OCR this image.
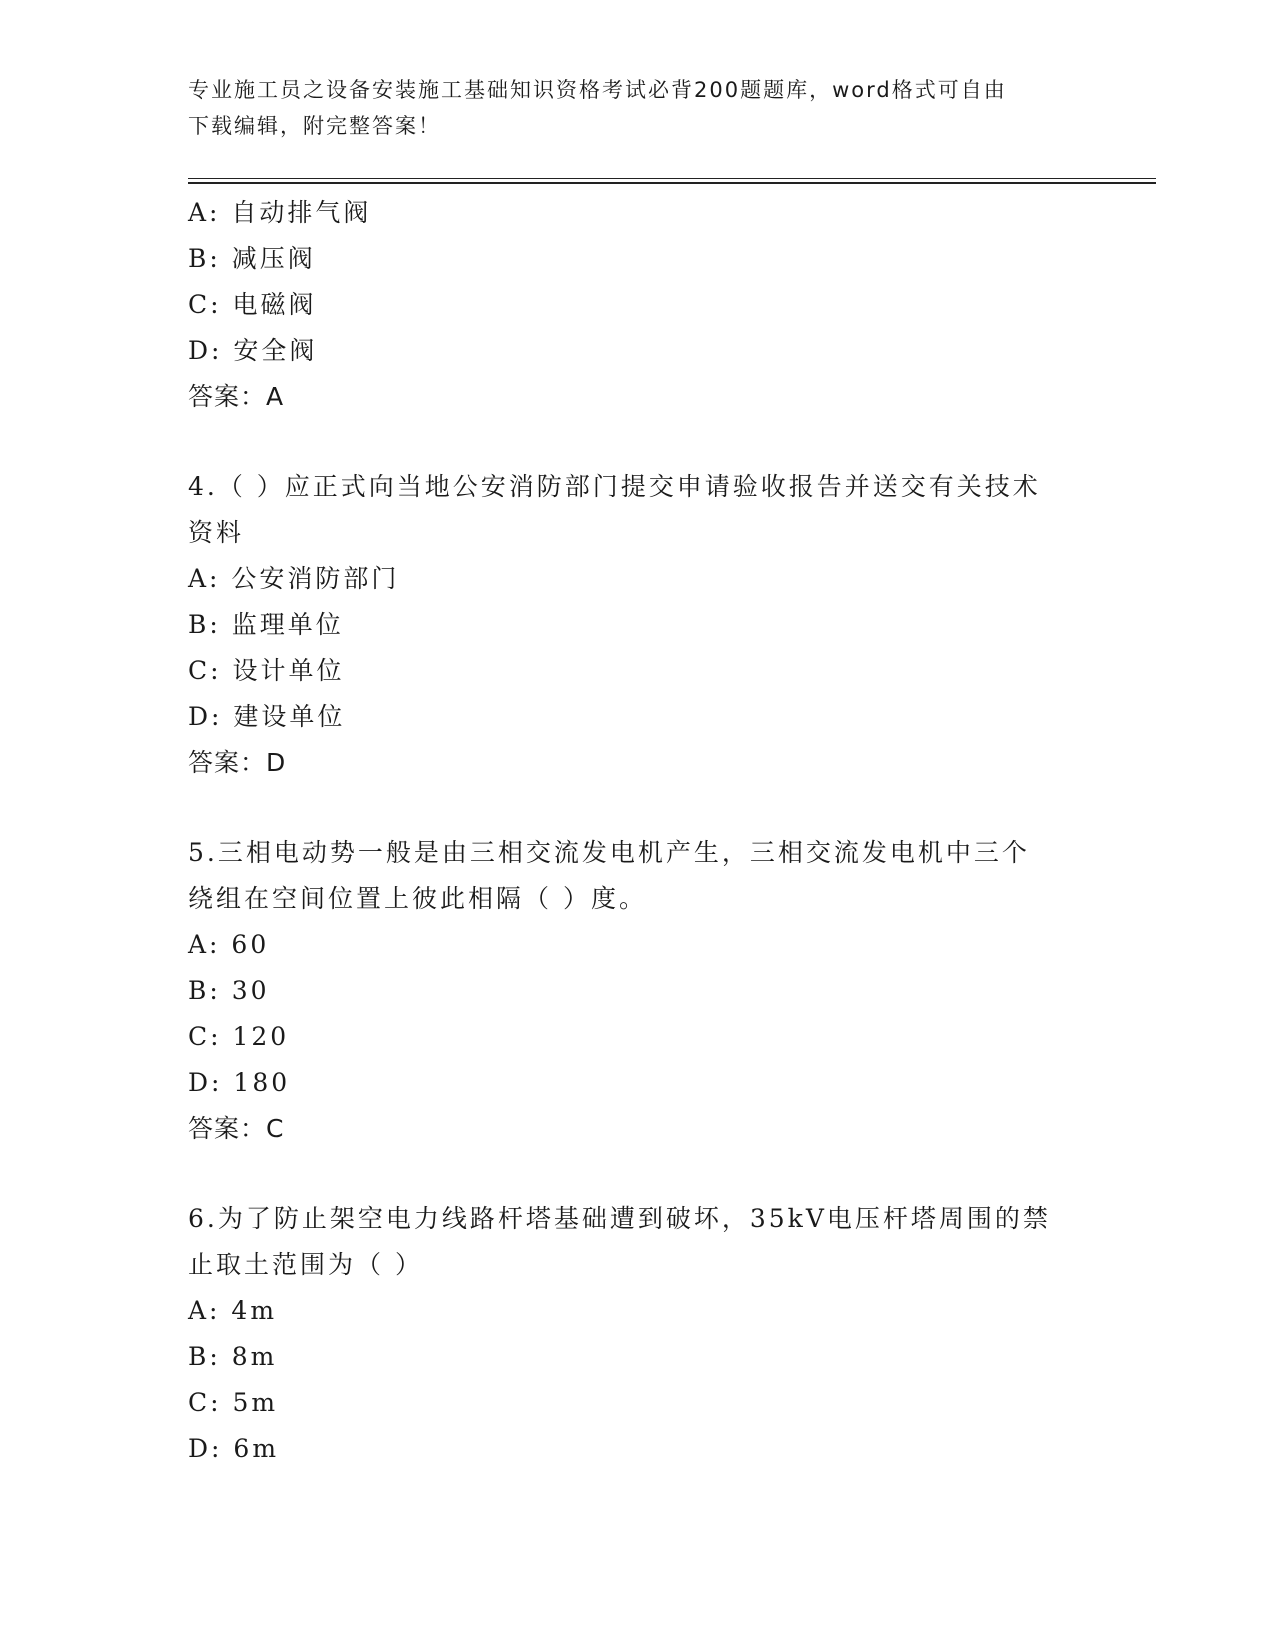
专业施工员之设备安装施工基础知识资格考试必背200题题库，word格式可自由
下载编辑，附完整答案！
A: 自动排气阀
B: 减压阀
C: 电磁阀
D: 安全阀
答案：A
4.（ ）应正式向当地公安消防部门提交申请验收报告并送交有关技术
资料
A: 公安消防部门
B: 监理单位
C: 设计单位
D: 建设单位
答案：D
5.三相电动势一般是由三相交流发电机产生，三相交流发电机中三个
绕组在空间位置上彼此相隔（ ）度。
A: 60
B: 30
C: 120
D: 180
答案：C
6.为了防止架空电力线路杆塔基础遭到破坏，35kV电压杆塔周围的禁
止取土范围为（ ）
A: 4m
B: 8m
C: 5m
D: 6m
